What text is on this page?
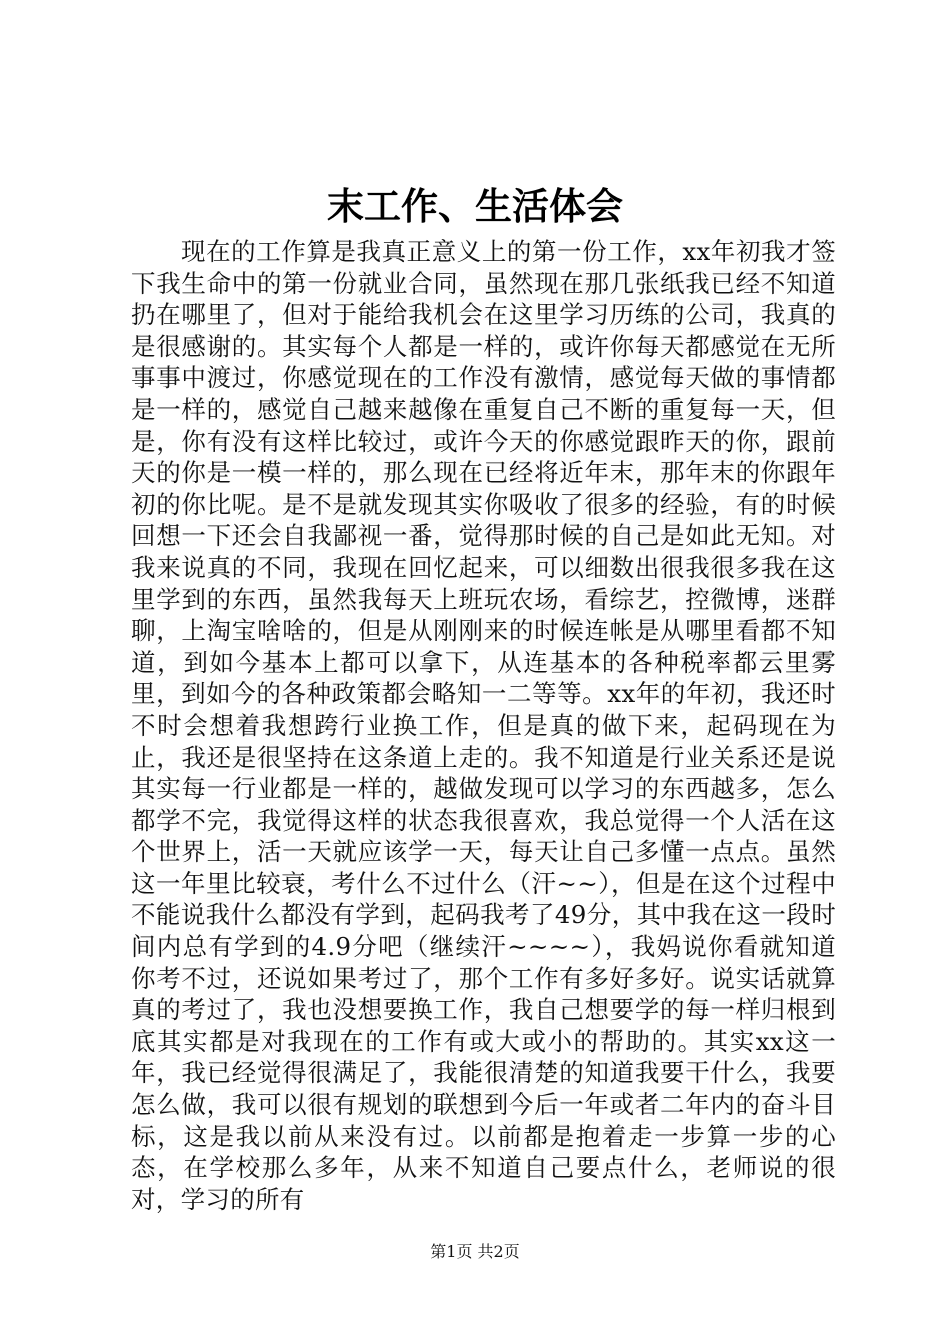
末工作、生活体会

现在的工作算是我真正意义上的第一份工作，xx年初我才签下我生命中的第一份就业合同，虽然现在那几张纸我已经不知道扔在哪里了，但对于能给我机会在这里学习历练的公司，我真的是很感谢的。其实每个人都是一样的，或许你每天都感觉在无所事事中渡过，你感觉现在的工作没有激情，感觉每天做的事情都是一样的，感觉自己越来越像在重复自己不断的重复每一天，但是，你有没有这样比较过，或许今天的你感觉跟昨天的你，跟前天的你是一模一样的，那么现在已经将近年末，那年末的你跟年初的你比呢。是不是就发现其实你吸收了很多的经验，有的时候回想一下还会自我鄙视一番，觉得那时候的自己是如此无知。对我来说真的不同，我现在回忆起来，可以细数出很我很多我在这里学到的东西，虽然我每天上班玩农场，看综艺，控微博，迷群聊，上淘宝啥啥的，但是从刚刚来的时候连帐是从哪里看都不知道，到如今基本上都可以拿下，从连基本的各种税率都云里雾里，到如今的各种政策都会略知一二等等。xx年的年初，我还时不时会想着我想跨行业换工作，但是真的做下来，起码现在为止，我还是很坚持在这条道上走的。我不知道是行业关系还是说其实每一行业都是一样的，越做发现可以学习的东西越多，怎么都学不完，我觉得这样的状态我很喜欢，我总觉得一个人活在这个世界上，活一天就应该学一天，每天让自己多懂一点点。虽然这一年里比较衰，考什么不过什么（汗~~），但是在这个过程中不能说我什么都没有学到，起码我考了49分，其中我在这一段时间内总有学到的4.9分吧（继续汗~~~~），我妈说你看就知道你考不过，还说如果考过了，那个工作有多好多好。说实话就算真的考过了，我也没想要换工作，我自己想要学的每一样归根到底其实都是对我现在的工作有或大或小的帮助的。其实xx这一年，我已经觉得很满足了，我能很清楚的知道我要干什么，我要怎么做，我可以很有规划的联想到今后一年或者二年内的奋斗目标，这是我以前从来没有过。以前都是抱着走一步算一步的心态，在学校那么多年，从来不知道自己要点什么，老师说的很对，学习的所有

第1页 共2页
